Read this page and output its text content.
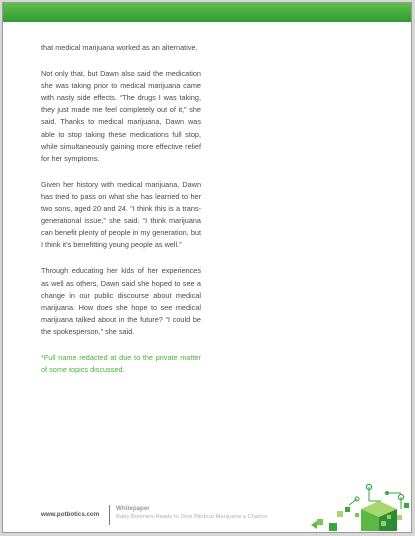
that medical marijuana worked as an alternative.

Not only that, but Dawn also said the medication she was taking prior to medical marijuana came with nasty side effects. “The drugs I was taking, they just made me feel completely out of it,” she said. Thanks to medical marijuana, Dawn was able to stop taking these medications full stop, while simultaneously gaining more effective relief for her symptoms.

Given her history with medical marijuana, Dawn has tried to pass on what she has learned to her two sons, aged 20 and 24. “I think this is a trans-generational issue,” she said. “I think marijuana can benefit plenty of people in my generation, but I think it’s benefitting young people as well.”

Through educating her kids of her experiences as well as others, Dawn said she hoped to see a change in our public discourse about medical marijuana. How does she hope to see medical marijuana talked about in the future? “I could be the spokesperson,” she said.

*Full name redacted at due to the private matter of some topics discussed.

www.potbotics.com
Whitepaper
Baby Boomers Ready to Give Medical Marijuana a Chance
